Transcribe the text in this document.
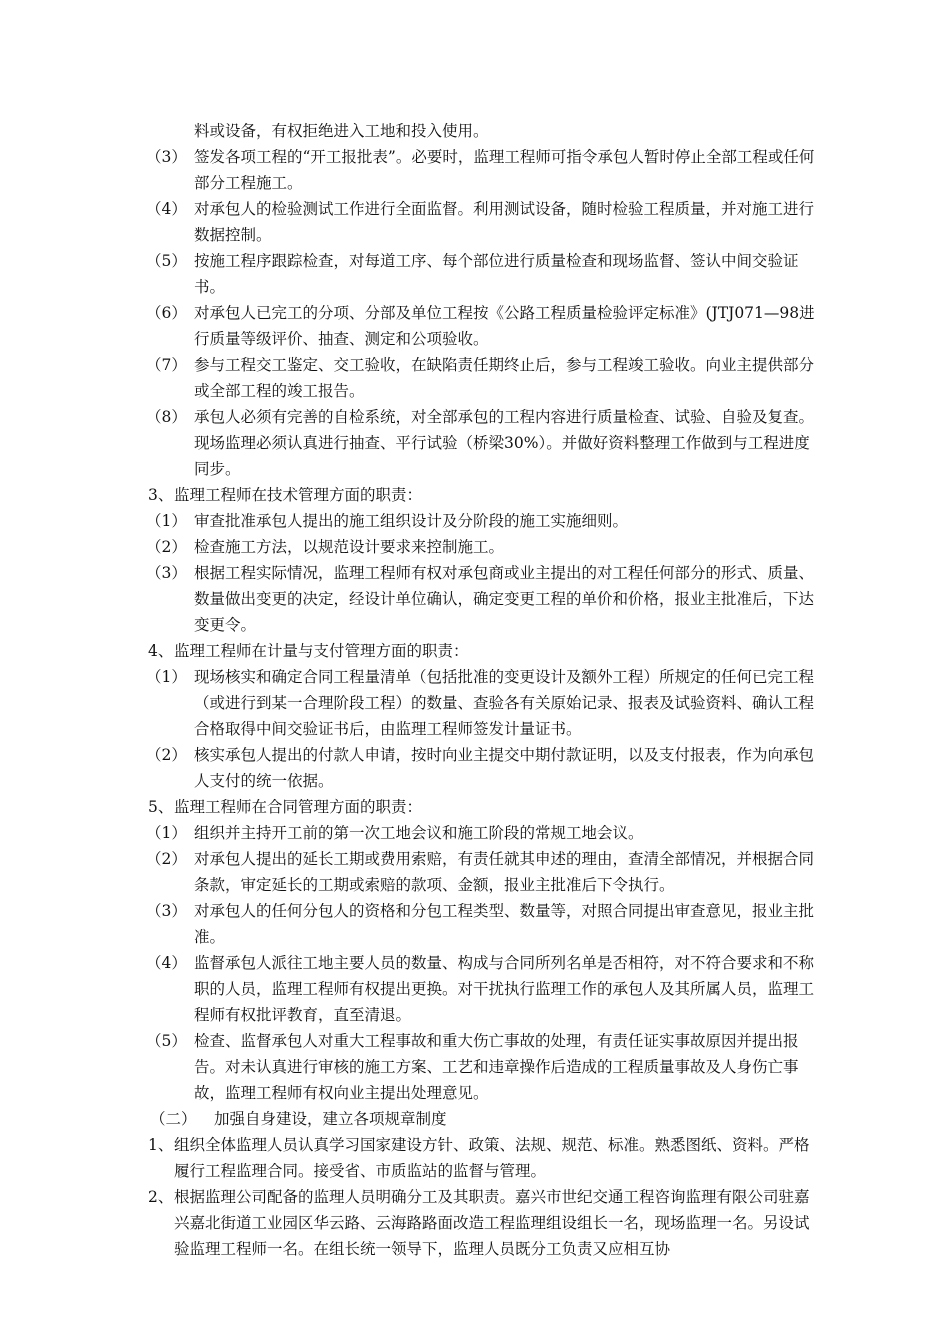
料或设备，有权拒绝进入工地和投入使用。
（3） 签发各项工程的“开工报批表”。必要时，监理工程师可指令承包人暂时停止全部工程或任何部分工程施工。
（4） 对承包人的检验测试工作进行全面监督。利用测试设备，随时检验工程质量，并对施工进行数据控制。
（5） 按施工程序跟踪检查，对每道工序、每个部位进行质量检查和现场监督、签认中间交验证书。
（6） 对承包人已完工的分项、分部及单位工程按《公路工程质量检验评定标准》(JTJ071—98进行质量等级评价、抽查、测定和公项验收。
（7） 参与工程交工鉴定、交工验收，在缺陷责任期终止后，参与工程竣工验收。向业主提供部分或全部工程的竣工报告。
（8） 承包人必须有完善的自检系统，对全部承包的工程内容进行质量检查、试验、自验及复查。现场监理必须认真进行抽查、平行试验（桥梁30%）。并做好资料整理工作做到与工程进度同步。
3、 监理工程师在技术管理方面的职责：
（1） 审查批准承包人提出的施工组织设计及分阶段的施工实施细则。
（2） 检查施工方法，以规范设计要求来控制施工。
（3） 根据工程实际情况，监理工程师有权对承包商或业主提出的对工程任何部分的形式、质量、数量做出变更的决定，经设计单位确认，确定变更工程的单价和价格，报业主批准后，下达变更令。
4、 监理工程师在计量与支付管理方面的职责：
（1） 现场核实和确定合同工程量清单（包括批准的变更设计及额外工程）所规定的任何已完工程（或进行到某一合理阶段工程）的数量、查验各有关原始记录、报表及试验资料、确认工程合格取得中间交验证书后，由监理工程师签发计量证书。
（2） 核实承包人提出的付款人申请，按时向业主提交中期付款证明，以及支付报表，作为向承包人支付的统一依据。
5、 监理工程师在合同管理方面的职责：
（1） 组织并主持开工前的第一次工地会议和施工阶段的常规工地会议。
（2） 对承包人提出的延长工期或费用索赔，有责任就其申述的理由，查清全部情况，并根据合同条款，审定延长的工期或索赔的款项、金额，报业主批准后下令执行。
（3） 对承包人的任何分包人的资格和分包工程类型、数量等，对照合同提出审查意见，报业主批准。
（4） 监督承包人派往工地主要人员的数量、构成与合同所列名单是否相符，对不符合要求和不称职的人员，监理工程师有权提出更换。对干扰执行监理工作的承包人及其所属人员，监理工程师有权批评教育，直至清退。
（5） 检查、监督承包人对重大工程事故和重大伤亡事故的处理，有责任证实事故原因并提出报告。对未认真进行审核的施工方案、工艺和违章操作后造成的工程质量事故及人身伤亡事故，监理工程师有权向业主提出处理意见。
（二） 加强自身建设，建立各项规章制度
1、 组织全体监理人员认真学习国家建设方针、政策、法规、规范、标准。熟悉图纸、资料。严格履行工程监理合同。接受省、市质监站的监督与管理。
2、 根据监理公司配备的监理人员明确分工及其职责。嘉兴市世纪交通工程咨询监理有限公司驻嘉兴嘉北街道工业园区华云路、云海路路面改造工程监理组设组长一名，现场监理一名。另设试验监理工程师一名。在组长统一领导下，监理人员既分工负责又应相互协
